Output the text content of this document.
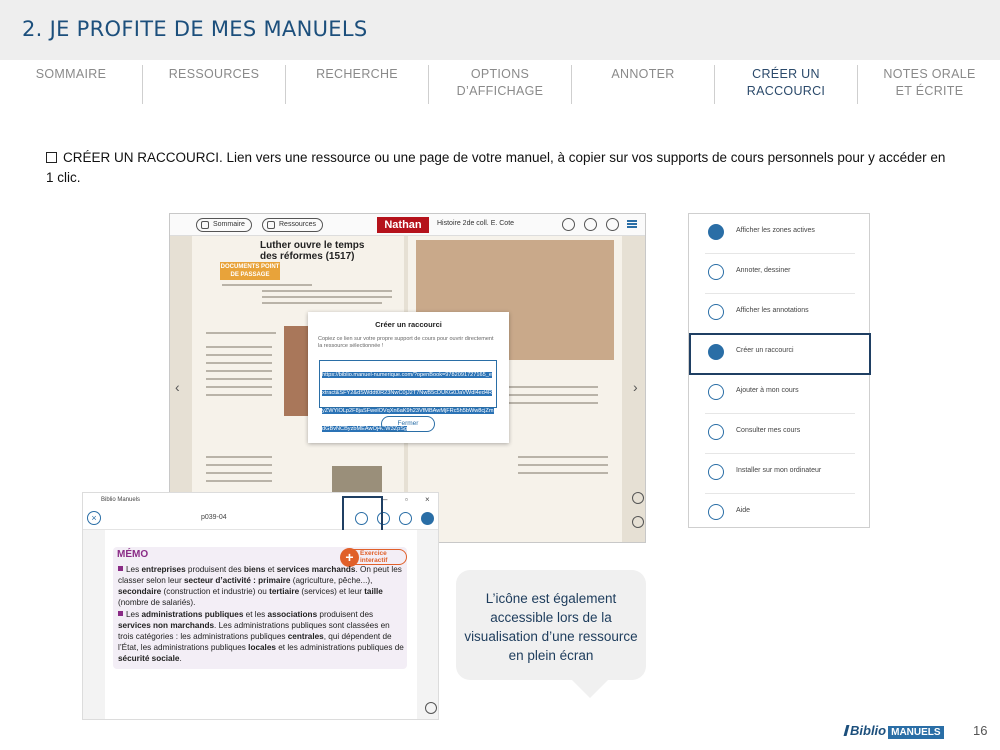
2. JE PROFITE DE MES MANUELS
SOMMAIRE	RESSOURCES	RECHERCHE	OPTIONS D’AFFICHAGE
ANNOTER	CRÉER UN RACCOURCI
NOTES ORALE ET ÉCRITE
CRÉER UN RACCOURCI. Lien vers une ressource ou une page de votre manuel, à copier sur vos supports de cours personnels pour y accéder en 1 clic.
Sommaire	Ressources	Nathan	Histoire 2de coll. E. Cote
DOCUMENTS POINT DE PASSAGE
Luther ouvre le temps des réformes (1517)
‹	›
Créer un raccourci
Copiez ce lien sur votre propre support de cours pour ouvrir directement la ressource sélectionnée !
https://biblio.manuel-numerique.com/?openBook=9782091727165_extract&SFY2&dSWddt0R23NwC0jJ2T7NwB5cDUKG0JaVWdl4ed4RyZWYlOLp2F8jaSFwelOVqXn6aK9h23VfMBAwMjFRc5h5bWw8cjZmdGBvNCByzbMEAwOj4CW3ZpSg
Fermer
Biblio Manuels	– ▫ ×
×	p039-04
MÉMO	+ Exercice interactif

Les entreprises produisent des biens et services marchands. On peut les classer selon leur secteur d’activité : primaire (agriculture, pêche...), secondaire (construction et industrie) ou tertiaire (services) et leur taille (nombre de salariés).

Les administrations publiques et les associations produisent des services non marchands. Les administrations publiques sont classées en trois catégories : les administrations publiques centrales, qui dépendent de l’État, les administrations publiques locales et les administrations publiques de sécurité sociale.

Afficher les zones actives
Annoter, dessiner
Afficher les annotations
Créer un raccourci
Ajouter à mon cours
Consulter mes cours
Installer sur mon ordinateur
Aide

L’icône est également accessible lors de la visualisation d’une ressource en plein écran

Biblio MANUELS 16
